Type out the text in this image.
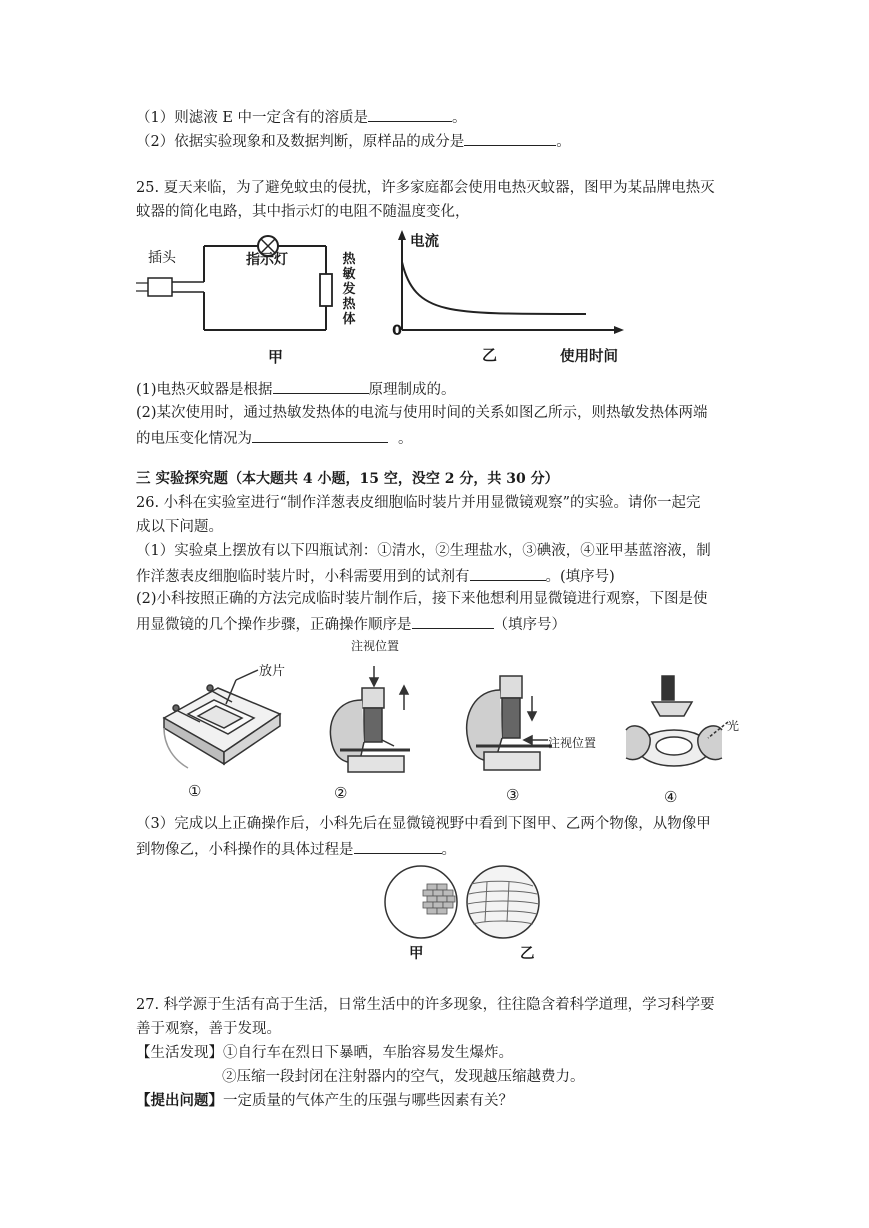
（1）则滤液 E 中一定含有的溶质是	。
（2）依据实验现象和及数据判断，原样品的成分是	。
25. 夏天来临，为了避免蚊虫的侵扰，许多家庭都会使用电热灭蚊器，图甲为某品牌电热灭
蚊器的简化电路，其中指示灯的电阻不随温度变化，
插头	指示灯	热
敏
发
热
体
甲
电流
0
乙	使用时间
(1)电热灭蚊器是根据	原理制成的。
(2)某次使用时，通过热敏发热体的电流与使用时间的关系如图乙所示，则热敏发热体两端
的电压变化情况为	。
三 实验探究题（本大题共 4 小题，15 空，没空 2 分，共 30 分）
26. 小科在实验室进行“制作洋葱表皮细胞临时装片并用显微镜观察”的实验。请你一起完
成以下问题。
（1）实验桌上摆放有以下四瓶试剂：①清水，②生理盐水，③碘液，④亚甲基蓝溶液，制
作洋葱表皮细胞临时装片时，小科需要用到的试剂有	。(填序号)
(2)小科按照正确的方法完成临时装片制作后，接下来他想利用显微镜进行观察，下图是使
用显微镜的几个操作步骤，正确操作顺序是	（填序号）
放片
注视位置
注视位置
光
①	②	③	④
（3）完成以上正确操作后，小科先后在显微镜视野中看到下图甲、乙两个物像，从物像甲
到物像乙，小科操作的具体过程是	。
甲	乙
27. 科学源于生活有高于生活，日常生活中的许多现象，往往隐含着科学道理，学习科学要
善于观察，善于发现。
【生活发现】①自行车在烈日下暴晒，车胎容易发生爆炸。
②压缩一段封闭在注射器内的空气，发现越压缩越费力。
【提出问题】一定质量的气体产生的压强与哪些因素有关？
